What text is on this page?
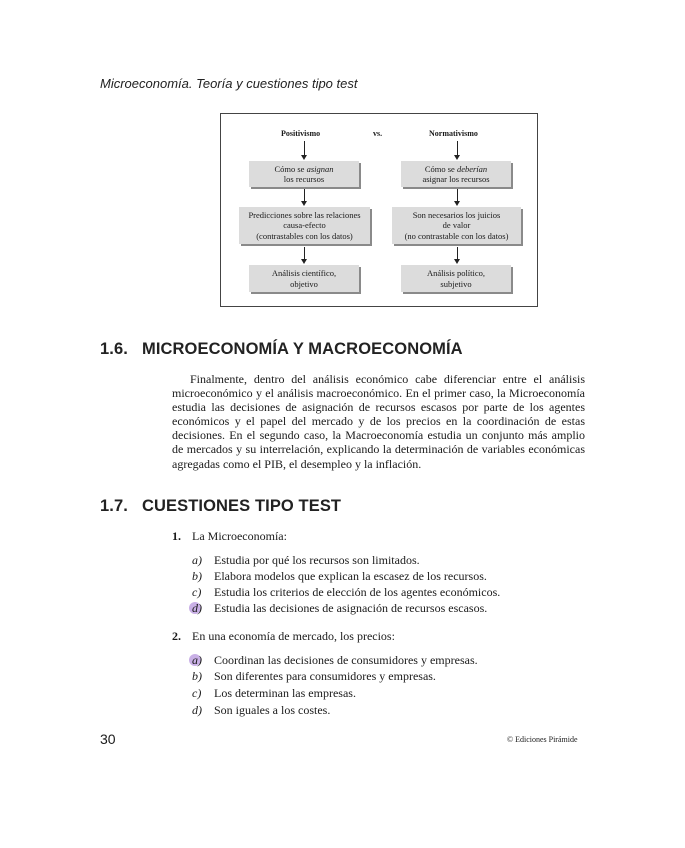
Microeconomía. Teoría y cuestiones tipo test
Positivismo	vs.	Normativismo
Cómo se asignan
los recursos
Predicciones sobre las relaciones
causa-efecto
(contrastables con los datos)
Análisis científico,
objetivo
Cómo se deberían
asignar los recursos
Son necesarios los juicios
de valor
(no contrastable con los datos)
Análisis político,
subjetivo
1.6. MICROECONOMÍA Y MACROECONOMÍA

Finalmente, dentro del análisis económico cabe diferenciar entre el análisis microeconómico y el análisis macroeconómico. En el primer caso, la Microeconomía estudia las decisiones de asignación de recursos escasos por parte de los agentes económicos y el papel del mercado y de los precios en la coordinación de estas decisiones. En el segundo caso, la Macroeconomía estudia un conjunto más amplio de mercados y su interrelación, explicando la determinación de variables económicas agregadas como el PIB, el desempleo y la inflación.

1.7. CUESTIONES TIPO TEST
1. La Microeconomía:
a) Estudia por qué los recursos son limitados.
b) Elabora modelos que explican la escasez de los recursos.
c) Estudia los criterios de elección de los agentes económicos.
d) Estudia las decisiones de asignación de recursos escasos.
2. En una economía de mercado, los precios:
a) Coordinan las decisiones de consumidores y empresas.
b) Son diferentes para consumidores y empresas.
c) Los determinan las empresas.
d) Son iguales a los costes.
30	© Ediciones Pirámide
